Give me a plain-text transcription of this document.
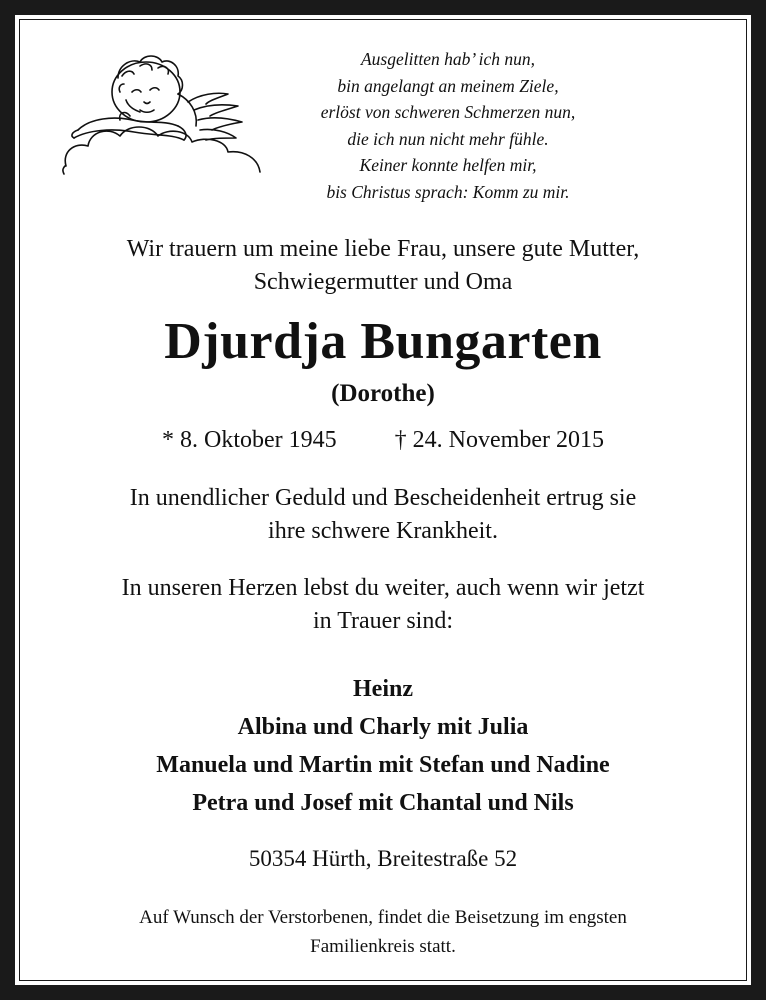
Ausgelitten hab’ ich nun,
bin angelangt an meinem Ziele,
erlöst von schweren Schmerzen nun,
die ich nun nicht mehr fühle.
Keiner konnte helfen mir,
bis Christus sprach: Komm zu mir.
Wir trauern um meine liebe Frau, unsere gute Mutter,
Schwiegermutter und Oma
Djurdja Bungarten
(Dorothe)
* 8. Oktober 1945 † 24. November 2015
In unendlicher Geduld und Bescheidenheit ertrug sie
ihre schwere Krankheit.
In unseren Herzen lebst du weiter, auch wenn wir jetzt
in Trauer sind:
Heinz
Albina und Charly mit Julia
Manuela und Martin mit Stefan und Nadine
Petra und Josef mit Chantal und Nils
50354 Hürth, Breitestraße 52
Auf Wunsch der Verstorbenen, findet die Beisetzung im engsten
Familienkreis statt.
